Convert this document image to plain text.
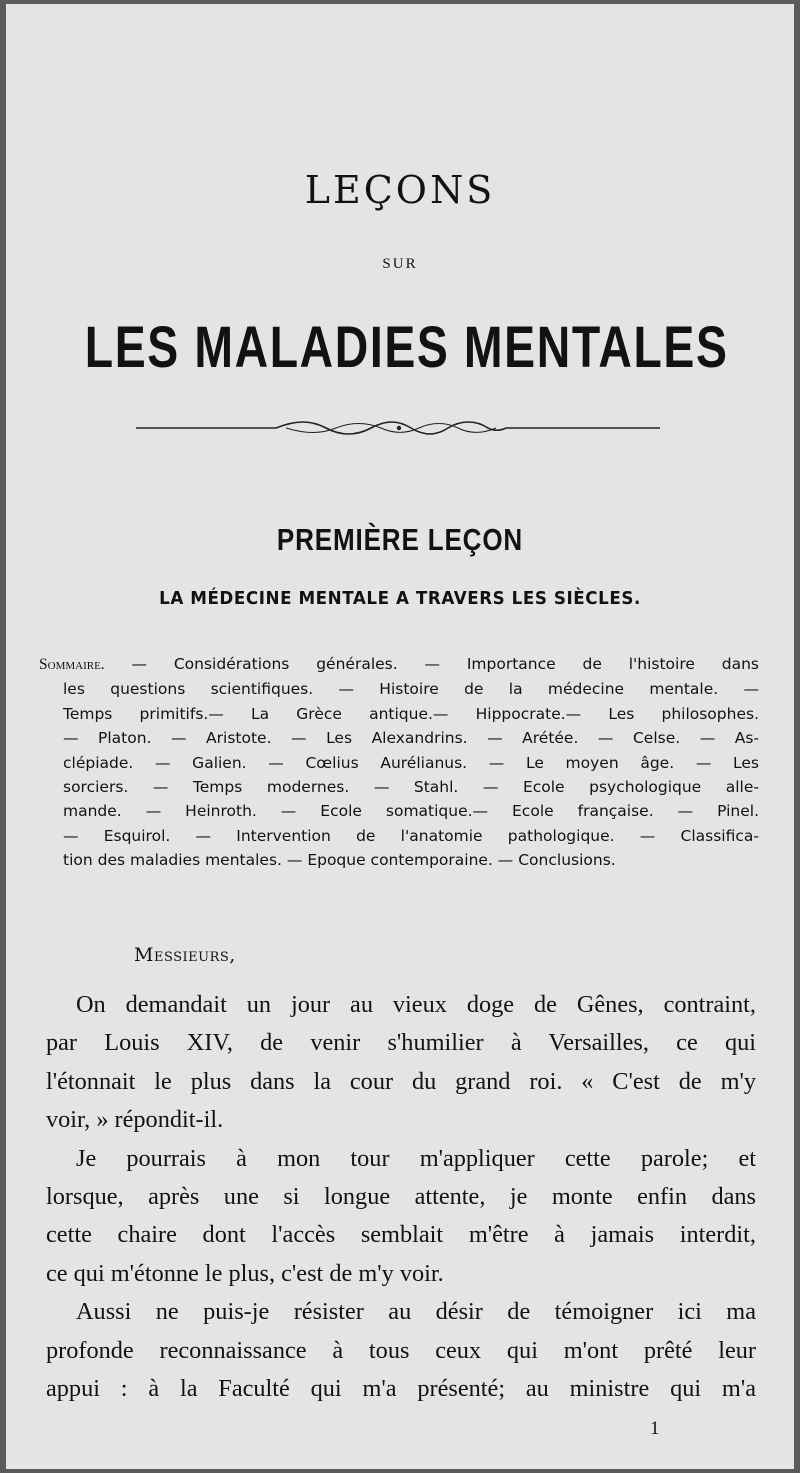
LEÇONS
SUR
LES MALADIES MENTALES
PREMIÈRE LEÇON
LA MÉDECINE MENTALE A TRAVERS LES SIÈCLES.
Sommaire. — Considérations générales. — Importance de l'histoire dans
les questions scientifiques. — Histoire de la médecine mentale. —
Temps primitifs.— La Grèce antique.— Hippocrate.— Les philosophes.
— Platon. — Aristote. — Les Alexandrins. — Arétée. — Celse. — As-
clépiade. — Galien. — Cœlius Aurélianus. — Le moyen âge. — Les
sorciers. — Temps modernes. — Stahl. — Ecole psychologique alle-
mande. — Heinroth. — Ecole somatique.— Ecole française. — Pinel.
— Esquirol. — Intervention de l'anatomie pathologique. — Classifica-
tion des maladies mentales. — Epoque contemporaine. — Conclusions.
Messieurs,
On demandait un jour au vieux doge de Gênes, contraint,
par Louis XIV, de venir s'humilier à Versailles, ce qui
l'étonnait le plus dans la cour du grand roi. « C'est de m'y
voir, » répondit-il.
Je pourrais à mon tour m'appliquer cette parole; et
lorsque, après une si longue attente, je monte enfin dans
cette chaire dont l'accès semblait m'être à jamais interdit,
ce qui m'étonne le plus, c'est de m'y voir.
Aussi ne puis-je résister au désir de témoigner ici ma
profonde reconnaissance à tous ceux qui m'ont prêté leur
appui : à la Faculté qui m'a présenté; au ministre qui m'a
1
